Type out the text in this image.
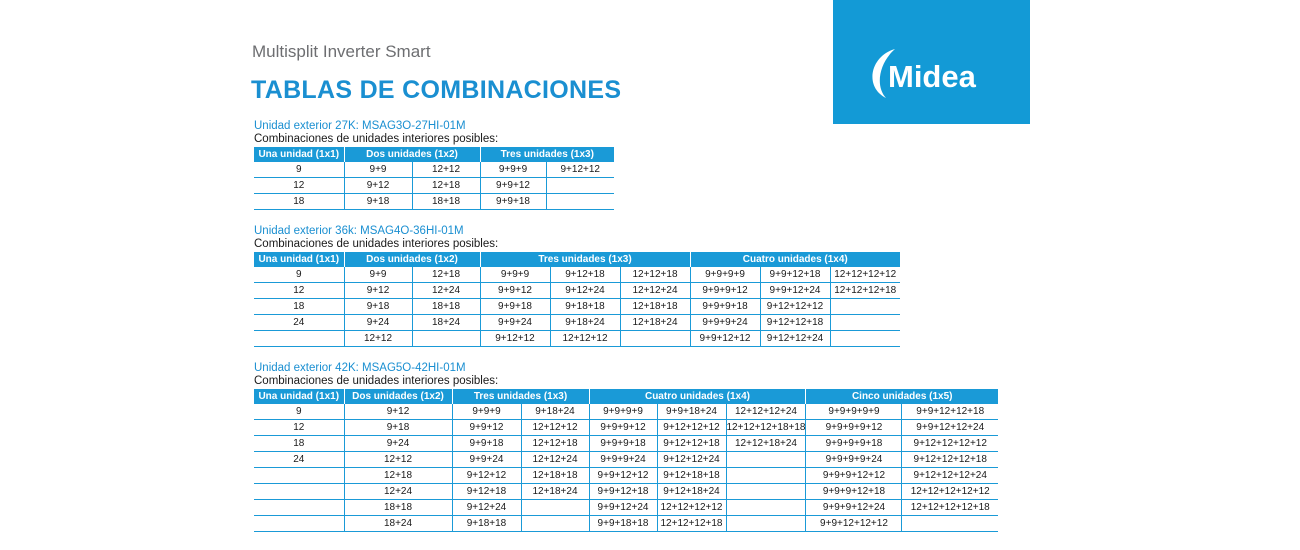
Multisplit Inverter Smart
TABLAS DE COMBINACIONES	Midea
Unidad exterior 27K: MSAG3O-27HI-01M
Combinaciones de unidades interiores posibles:
Una unidad (1x1)	Dos unidades (1x2)		Tres unidades (1x3)	
9	9+9	12+12	9+9+9	9+12+12
12	9+12	12+18	9+9+12	
18	9+18	18+18	9+9+18	
Unidad exterior 36k: MSAG4O-36HI-01M
Combinaciones de unidades interiores posibles:
Una unidad (1x1)	Dos unidades (1x2)		Tres unidades (1x3)			Cuatro unidades (1x4)		
9	9+9	12+18	9+9+9	9+12+18	12+12+18	9+9+9+9	9+9+12+18	12+12+12+12
12	9+12	12+24	9+9+12	9+12+24	12+12+24	9+9+9+12	9+9+12+24	12+12+12+18
18	9+18	18+18	9+9+18	9+18+18	12+18+18	9+9+9+18	9+12+12+12	
24	9+24	18+24	9+9+24	9+18+24	12+18+24	9+9+9+24	9+12+12+18	
	12+12		9+12+12	12+12+12		9+9+12+12	9+12+12+24	
Unidad exterior 42K: MSAG5O-42HI-01M
Combinaciones de unidades interiores posibles:
Una unidad (1x1)	Dos unidades (1x2)	Tres unidades (1x3)		Cuatro unidades (1x4)			Cinco unidades (1x5)	
9	9+12	9+9+9	9+18+24	9+9+9+9	9+9+18+24	12+12+12+24	9+9+9+9+9	9+9+12+12+18
12	9+18	9+9+12	12+12+12	9+9+9+12	9+12+12+12	12+12+12+18+18	9+9+9+9+12	9+9+12+12+24
18	9+24	9+9+18	12+12+18	9+9+9+18	9+12+12+18	12+12+18+24	9+9+9+9+18	9+12+12+12+12
24	12+12	9+9+24	12+12+24	9+9+9+24	9+12+12+24		9+9+9+9+24	9+12+12+12+18
	12+18	9+12+12	12+18+18	9+9+12+12	9+12+18+18		9+9+9+12+12	9+12+12+12+24
	12+24	9+12+18	12+18+24	9+9+12+18	9+12+18+24		9+9+9+12+18	12+12+12+12+12
	18+18	9+12+24		9+9+12+24	12+12+12+12		9+9+9+12+24	12+12+12+12+18
	18+24	9+18+18		9+9+18+18	12+12+12+18		9+9+12+12+12	
